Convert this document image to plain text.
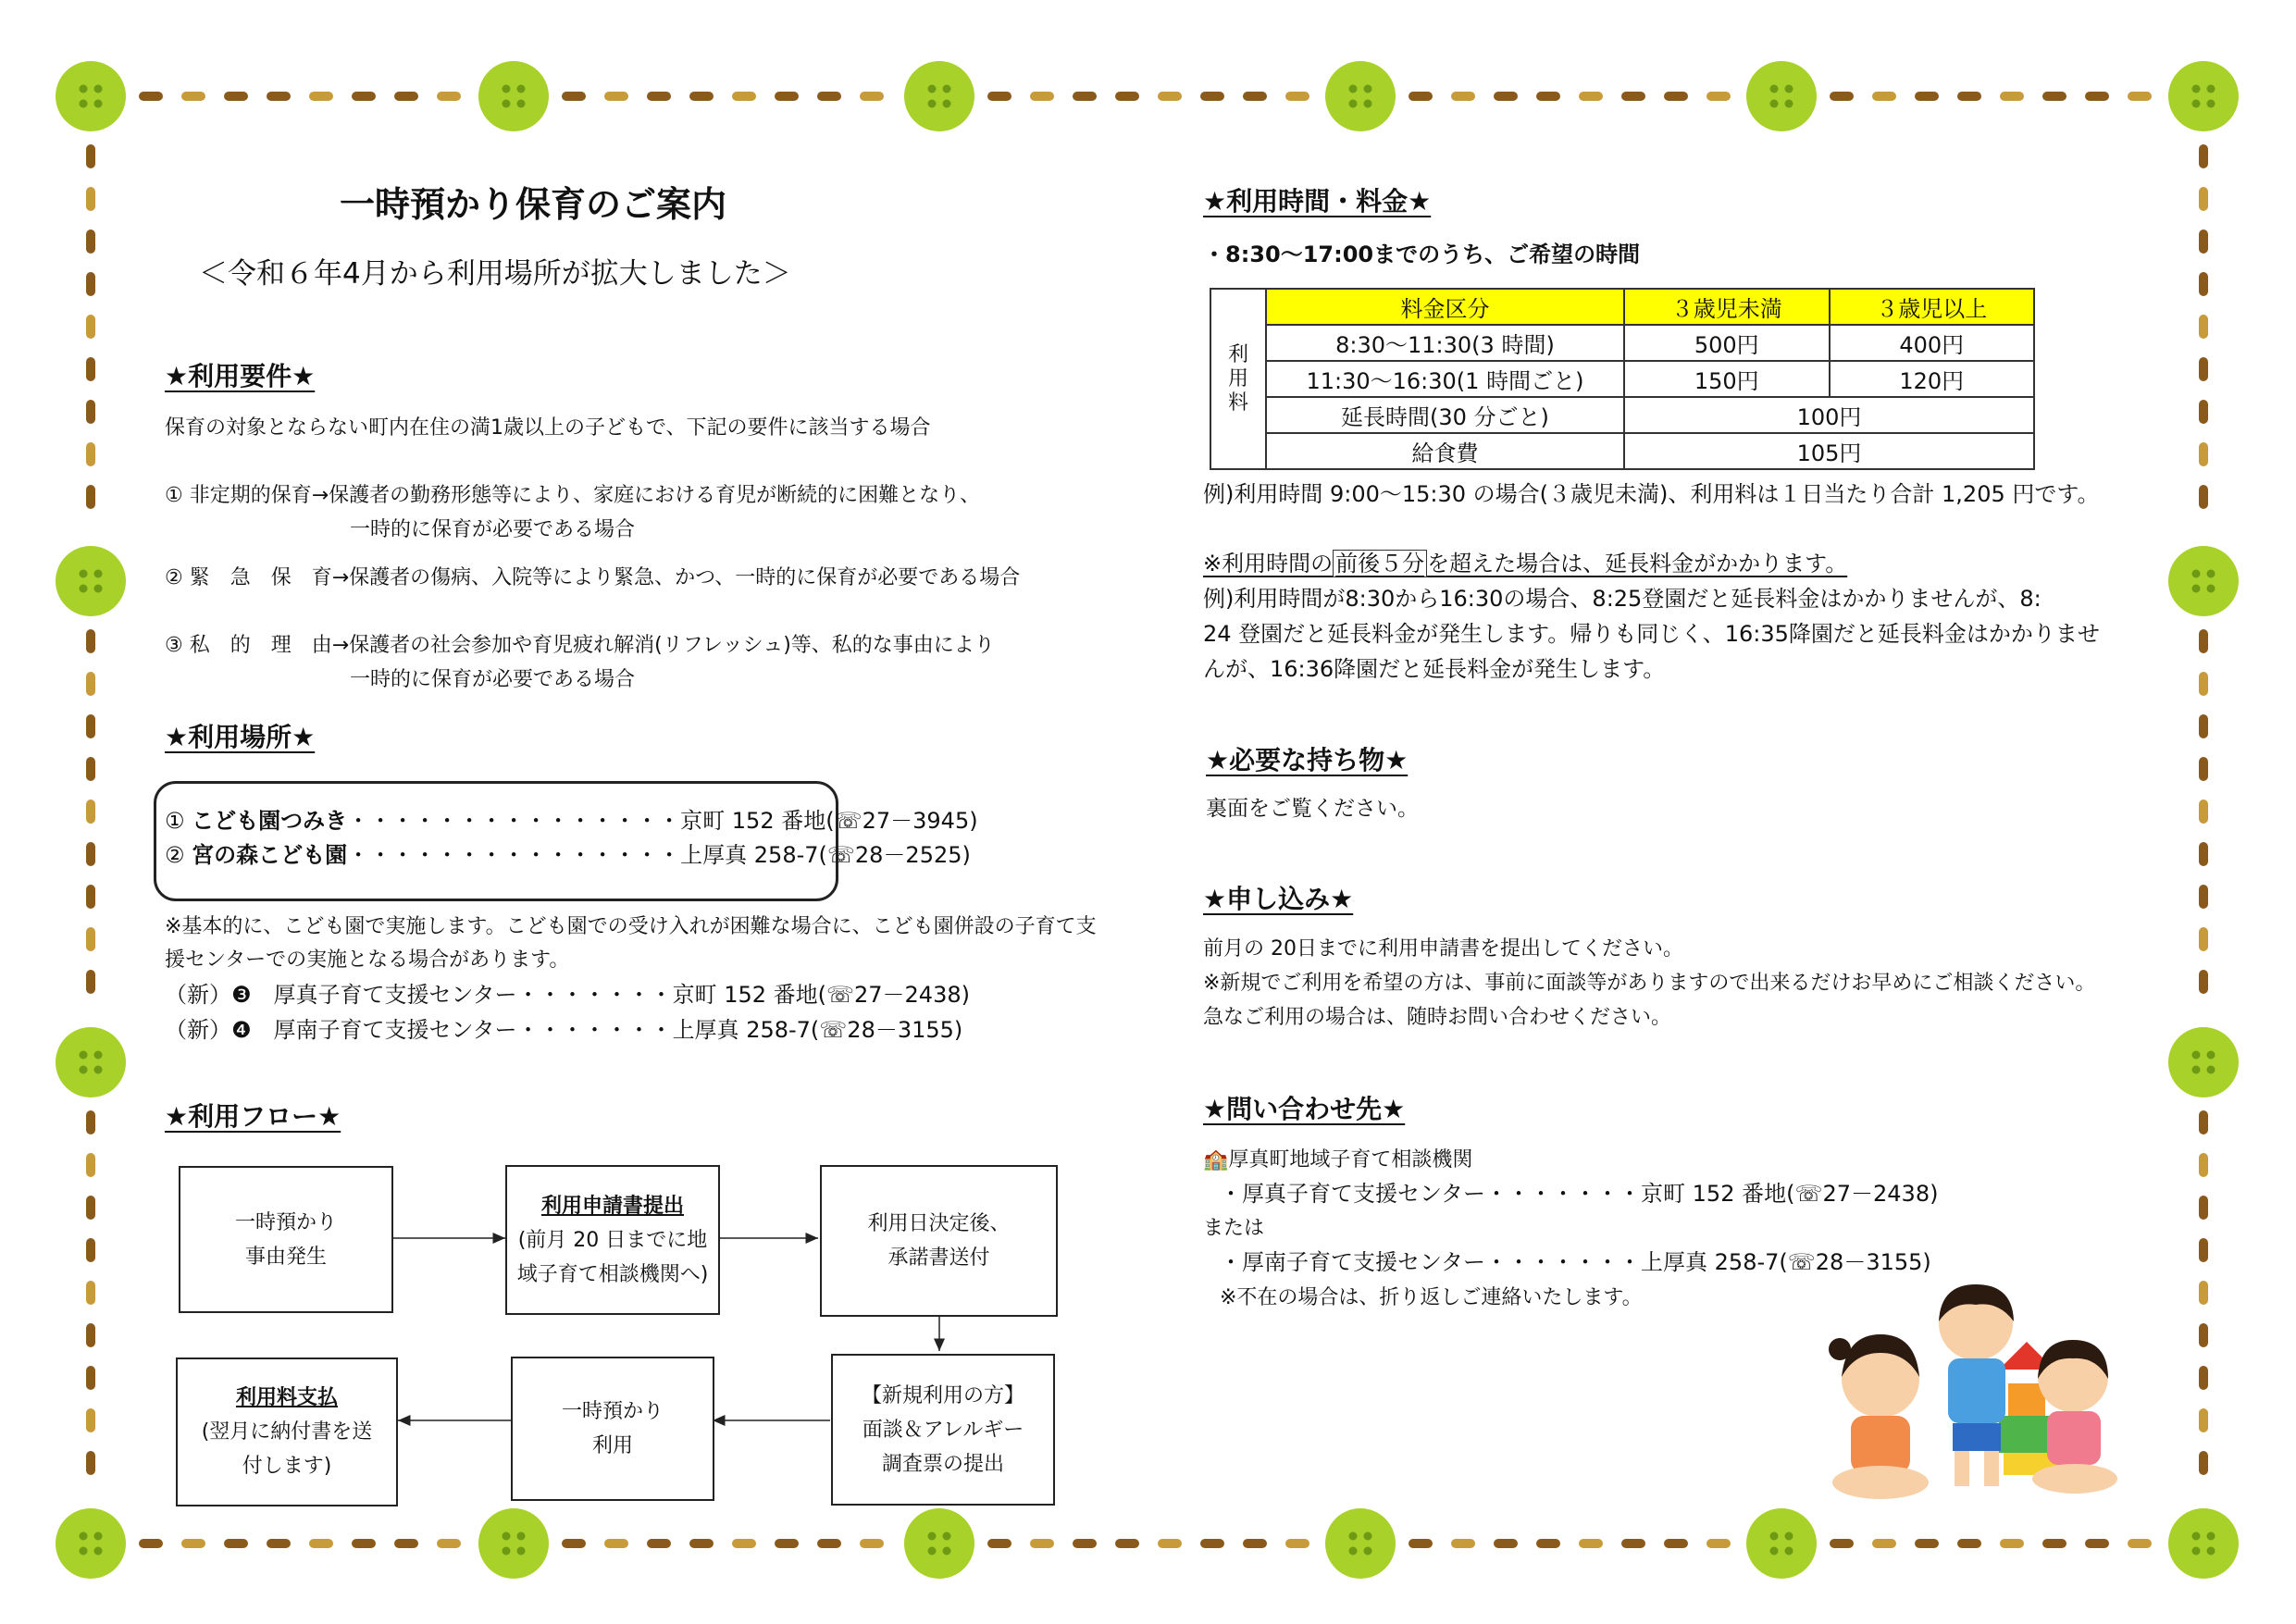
一時預かり保育のご案内
＜令和６年4月から利用場所が拡大しました＞
★利用要件★
保育の対象とならない町内在住の満1歳以上の子どもで、下記の要件に該当する場合
① 非定期的保育→保護者の勤務形態等により、家庭における育児が断続的に困難となり、
一時的に保育が必要である場合
② 緊　急　保　育→保護者の傷病、入院等により緊急、かつ、一時的に保育が必要である場合
③ 私　的　理　由→保護者の社会参加や育児疲れ解消(リフレッシュ)等、私的な事由により
一時的に保育が必要である場合
★利用場所★
① こども園つみき・・・・・・・・・・・・・・・京町 152 番地(☏27－3945)
② 宮の森こども園・・・・・・・・・・・・・・・上厚真 258-7(☏28－2525)
※基本的に、こども園で実施します。こども園での受け入れが困難な場合に、こども園併設の子育て支
援センターでの実施となる場合があります。
（新）❸　 厚真子育て支援センター・・・・・・・京町 152 番地(☏27－2438)
（新）❹　 厚南子育て支援センター・・・・・・・上厚真 258-7(☏28－3155)
★利用フロー★
一時預かり
事由発生
利用申請書提出
(前月 20 日までに地
域子育て相談機関へ)
利用日決定後、
承諾書送付
【新規利用の方】
面談＆アレルギー
調査票の提出
一時預かり
利用
利用料支払
(翌月に納付書を送
付します)
★利用時間・料金★
・8:30～17:00までのうち、ご希望の時間
利
用
料	料金区分	３歳児未満	３歳児以上
	8:30～11:30(3 時間)	500円	400円
	11:30～16:30(1 時間ごと)	150円	120円
	延長時間(30 分ごと)	100円	
	給食費	105円	
例)利用時間 9:00～15:30 の場合(３歳児未満)、利用料は１日当たり合計 1,205 円です。
※利用時間の 前後５分 を超えた場合は、延長料金がかかります。
例)利用時間が8:30から16:30の場合、8:25登園だと延長料金はかかりませんが、8:
24 登園だと延長料金が発生します。帰りも同じく、16:35降園だと延長料金はかかりませ
んが、16:36降園だと延長料金が発生します。
★必要な持ち物★
裏面をご覧ください。
★申し込み★
前月の 20日までに利用申請書を提出してください。
※新規でご利用を希望の方は、事前に面談等がありますので出来るだけお早めにご相談ください。
急なご利用の場合は、随時お問い合わせください。
★問い合わせ先★
🏫厚真町地域子育て相談機関
・厚真子育て支援センター・・・・・・・京町 152 番地(☏27－2438)
または
・厚南子育て支援センター・・・・・・・上厚真 258-7(☏28－3155)
※不在の場合は、折り返しご連絡いたします。
